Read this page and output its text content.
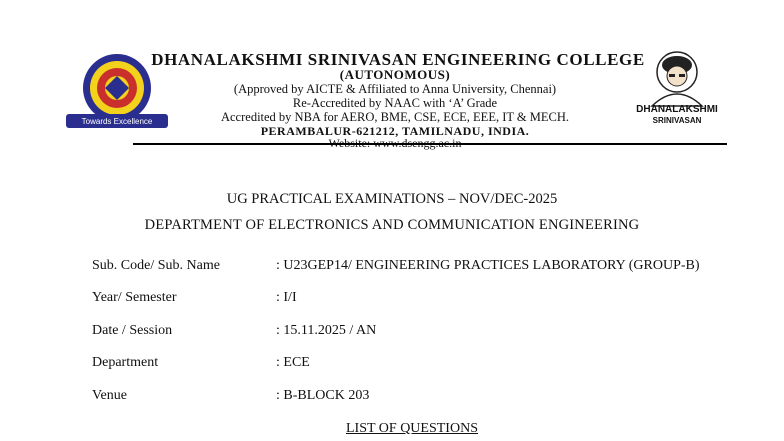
Towards Excellence
DHANALAKSHMI
SRINIVASAN
DHANALAKSHMI SRINIVASAN ENGINEERING COLLEGE
(AUTONOMOUS)
(Approved by AICTE & Affiliated to Anna University, Chennai)
Re-Accredited by NAAC with ‘A’ Grade
Accredited by NBA for AERO, BME, CSE, ECE, EEE, IT & MECH.
PERAMBALUR-621212, TAMILNADU, INDIA.
UG PRACTICAL EXAMINATIONS – NOV/DEC-2025
DEPARTMENT OF ELECTRONICS AND COMMUNICATION ENGINEERING
Sub. Code/ Sub. Name	: U23GEP14/ ENGINEERING PRACTICES LABORATORY (GROUP-B)
Year/ Semester	: I/I
Date / Session	: 15.11.2025 / AN
Department	: ECE
Venue	: B-BLOCK 203
LIST OF QUESTIONS
